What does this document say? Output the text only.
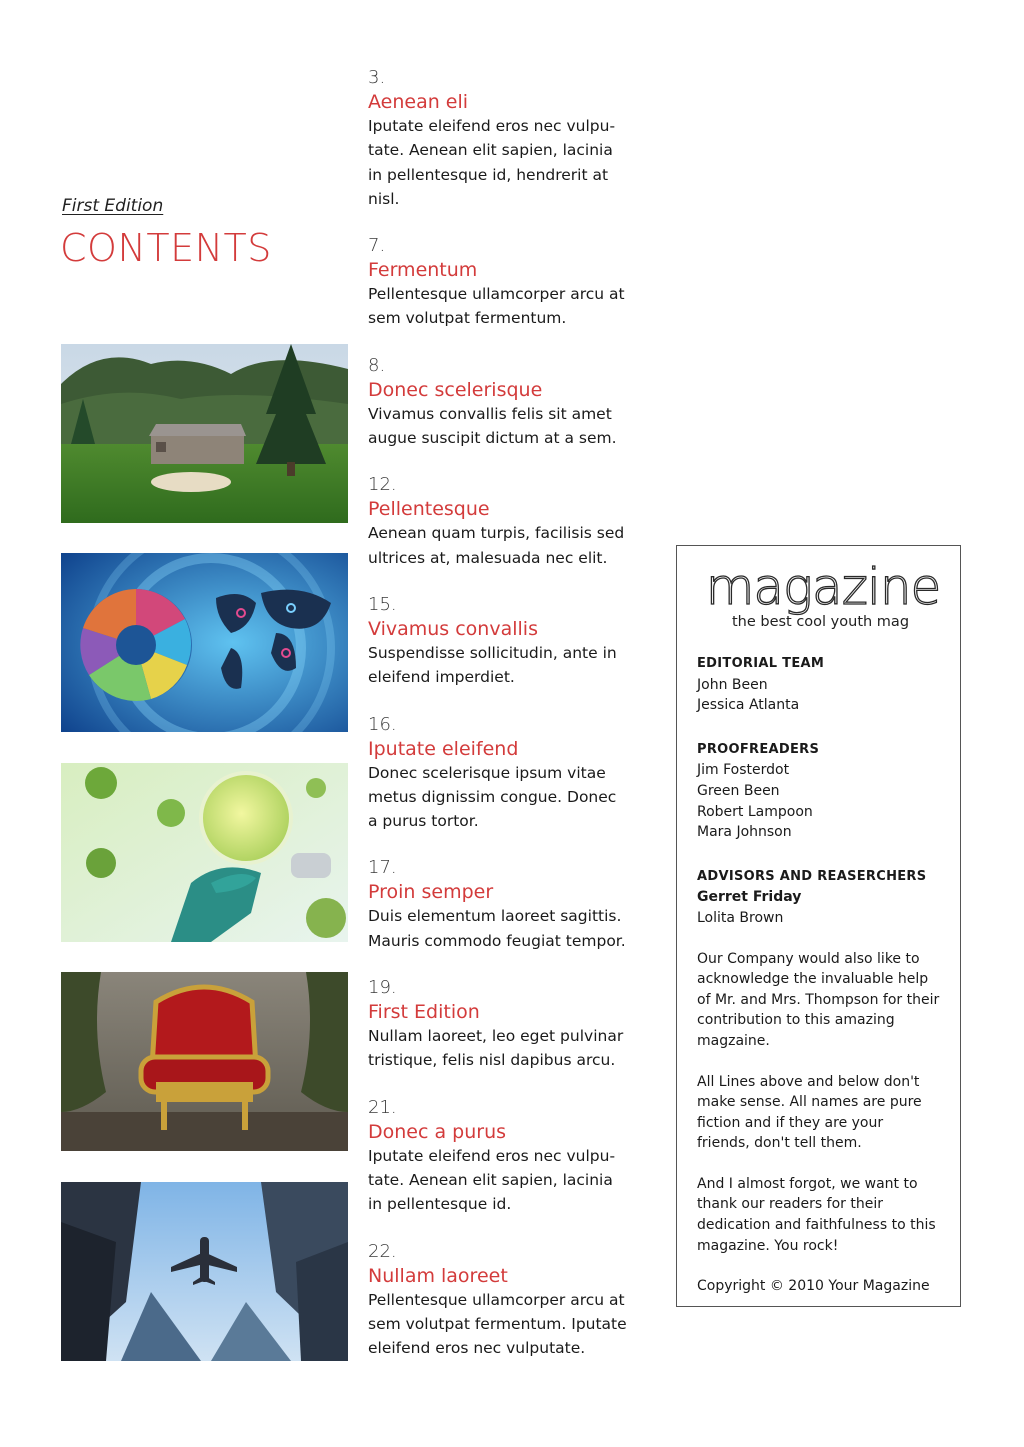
First Edition
CONTENTS
3.
Aenean eli
Iputate eleifend eros nec vulpu-tate. Aenean elit sapien, lacinia in pellentesque id, hendrerit at nisl.
7.
Fermentum
Pellentesque ullamcorper arcu at sem volutpat fermentum.
8.
Donec scelerisque
Vivamus convallis felis sit amet augue suscipit dictum at a sem.
12.
Pellentesque
Aenean quam turpis, facilisis sed ultrices at, malesuada nec elit.
15.
Vivamus convallis
Suspendisse sollicitudin, ante in eleifend imperdiet.
16.
Iputate eleifend
Donec scelerisque ipsum vitae metus dignissim congue. Donec a purus tortor.
17.
Proin semper
Duis elementum laoreet sagittis. Mauris commodo feugiat tempor.
19.
First Edition
Nullam laoreet, leo eget pulvinar tristique, felis nisl dapibus arcu.
21.
Donec a purus
Iputate eleifend eros nec vulpu-tate. Aenean elit sapien, lacinia in pellentesque id.
22.
Nullam laoreet
Pellentesque ullamcorper arcu at sem volutpat fermentum. Iputate eleifend eros nec vulputate.
magazine
the best cool youth mag
EDITORIAL TEAM
John Been
Jessica Atlanta
PROOFREADERS
Jim Fosterdot
Green Been
Robert Lampoon
Mara Johnson
ADVISORS AND REASERCHERS
Gerret Friday
Lolita Brown
Our Company would also like to acknowledge the invaluable help of Mr. and Mrs. Thompson for their contribution to this amazing magzaine.
All Lines above and below don't make sense. All names are pure fiction and if they are your friends, don't tell them.
And I almost forgot, we want to thank our readers for their dedication and faithfulness to this magazine. You rock!
Copyright © 2010 Your Magazine
